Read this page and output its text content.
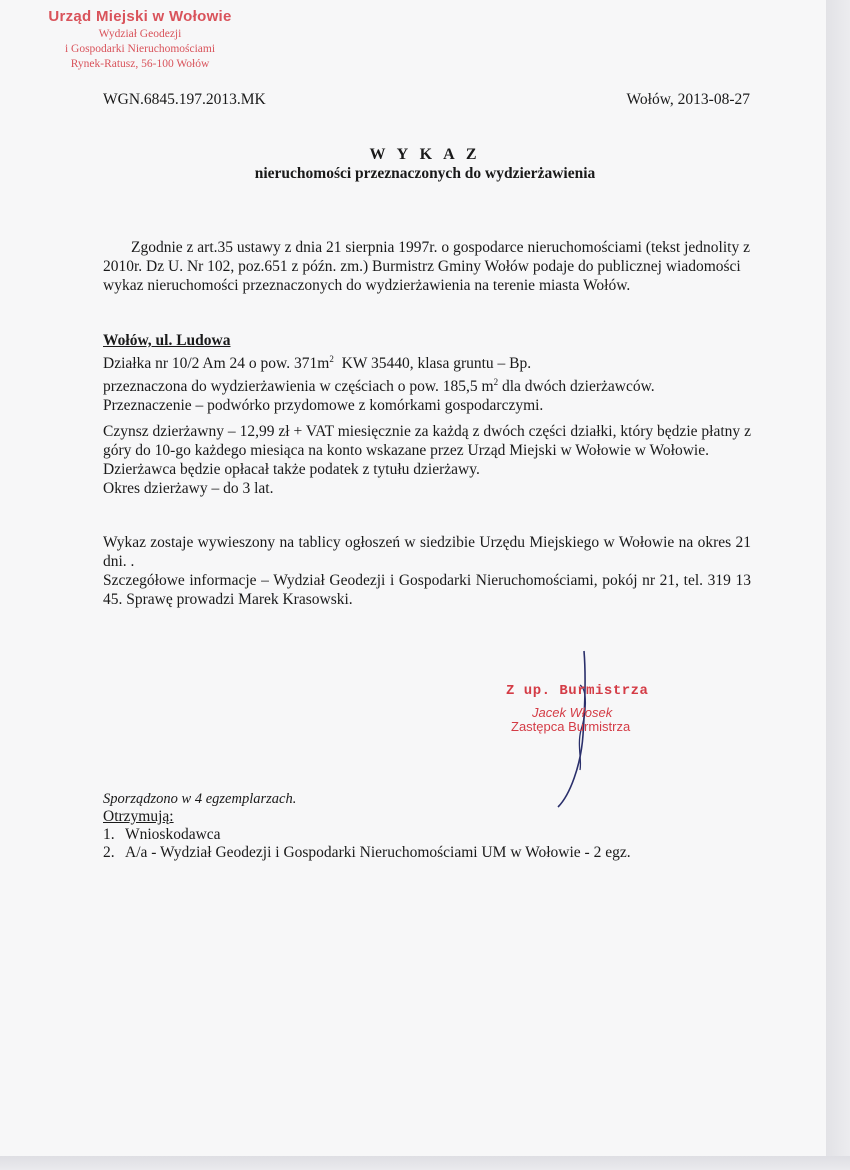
Urząd Miejski w Wołowie
Wydział Geodezji
i Gospodarki Nieruchomościami
Rynek-Ratusz, 56-100 Wołów
WGN.6845.197.2013.MK	Wołów, 2013-08-27
W Y K A Z
nieruchomości przeznaczonych do wydzierżawienia
Zgodnie z art.35 ustawy z dnia 21 sierpnia 1997r. o gospodarce nieruchomościami (tekst jednolity z 2010r. Dz U. Nr 102, poz.651 z późn. zm.) Burmistrz Gminy Wołów podaje do publicznej wiadomości wykaz nieruchomości przeznaczonych do wydzierżawienia na terenie miasta Wołów.
Wołów, ul. Ludowa
Działka nr 10/2 Am 24 o pow. $371m^2$  KW 35440, klasa gruntu – Bp.
przeznaczona do wydzierżawienia w częściach o pow. 185,5 $m^2$ dla dwóch dzierżawców.
Przeznaczenie – podwórko przydomowe z komórkami gospodarczymi.

Czynsz dzierżawny – 12,99 zł + VAT miesięcznie za każdą z dwóch części działki, który będzie płatny z góry do 10-go każdego miesiąca na konto wskazane przez Urząd Miejski w Wołowie w Wołowie.

Dzierżawca będzie opłacał także podatek z tytułu dzierżawy.

Okres dzierżawy – do 3 lat.

Wykaz zostaje wywieszony na tablicy ogłoszeń w siedzibie Urzędu Miejskiego w Wołowie na okres 21 dni. .

Szczegółowe informacje – Wydział Geodezji i Gospodarki Nieruchomościami, pokój nr 21, tel. 319 13 45. Sprawę prowadzi Marek Krasowski.

Z up. Burmistrza
Jacek Włosek
Zastępca Burmistrza
Sporządzono w 4 egzemplarzach.
Otrzymują:
1. Wnioskodawca
2. A/a - Wydział Geodezji i Gospodarki Nieruchomościami UM w Wołowie - 2 egz.
